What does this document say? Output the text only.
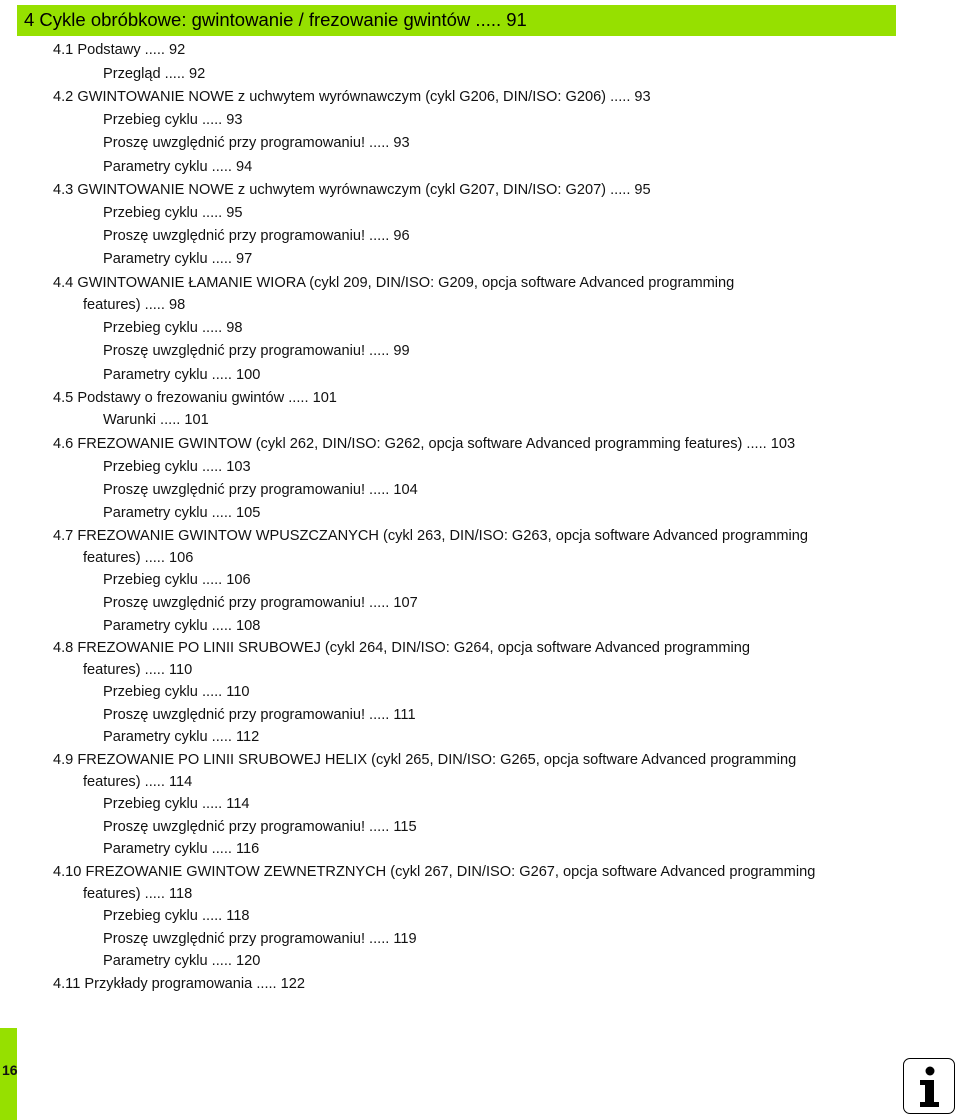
4 Cykle obróbkowe: gwintowanie / frezowanie gwintów ..... 91
4.1 Podstawy ..... 92
Przegląd ..... 92
4.2 GWINTOWANIE NOWE z uchwytem wyrównawczym (cykl G206, DIN/ISO: G206) ..... 93
Przebieg cyklu ..... 93
Proszę uwzględnić przy programowaniu! ..... 93
Parametry cyklu ..... 94
4.3 GWINTOWANIE NOWE z uchwytem wyrównawczym (cykl G207, DIN/ISO: G207) ..... 95
Przebieg cyklu ..... 95
Proszę uwzględnić przy programowaniu! ..... 96
Parametry cyklu ..... 97
4.4 GWINTOWANIE ŁAMANIE WIORA (cykl 209, DIN/ISO: G209, opcja software Advanced programming
features) ..... 98
Przebieg cyklu ..... 98
Proszę uwzględnić przy programowaniu! ..... 99
Parametry cyklu ..... 100
4.5 Podstawy o frezowaniu gwintów ..... 101
Warunki ..... 101
4.6 FREZOWANIE GWINTOW (cykl 262, DIN/ISO: G262, opcja software Advanced programming features) ..... 103
Przebieg cyklu ..... 103
Proszę uwzględnić przy programowaniu! ..... 104
Parametry cyklu ..... 105
4.7 FREZOWANIE GWINTOW WPUSZCZANYCH (cykl 263, DIN/ISO: G263, opcja software Advanced programming
features) ..... 106
Przebieg cyklu ..... 106
Proszę uwzględnić przy programowaniu! ..... 107
Parametry cyklu ..... 108
4.8 FREZOWANIE PO LINII SRUBOWEJ (cykl 264, DIN/ISO: G264, opcja software Advanced programming
features) ..... 110
Przebieg cyklu ..... 110
Proszę uwzględnić przy programowaniu! ..... 111
Parametry cyklu ..... 112
4.9 FREZOWANIE PO LINII SRUBOWEJ HELIX (cykl 265, DIN/ISO: G265, opcja software Advanced programming
features) ..... 114
Przebieg cyklu ..... 114
Proszę uwzględnić przy programowaniu! ..... 115
Parametry cyklu ..... 116
4.10 FREZOWANIE GWINTOW ZEWNETRZNYCH (cykl 267, DIN/ISO: G267, opcja software Advanced programming
features) ..... 118
Przebieg cyklu ..... 118
Proszę uwzględnić przy programowaniu! ..... 119
Parametry cyklu ..... 120
4.11 Przykłady programowania ..... 122
16
